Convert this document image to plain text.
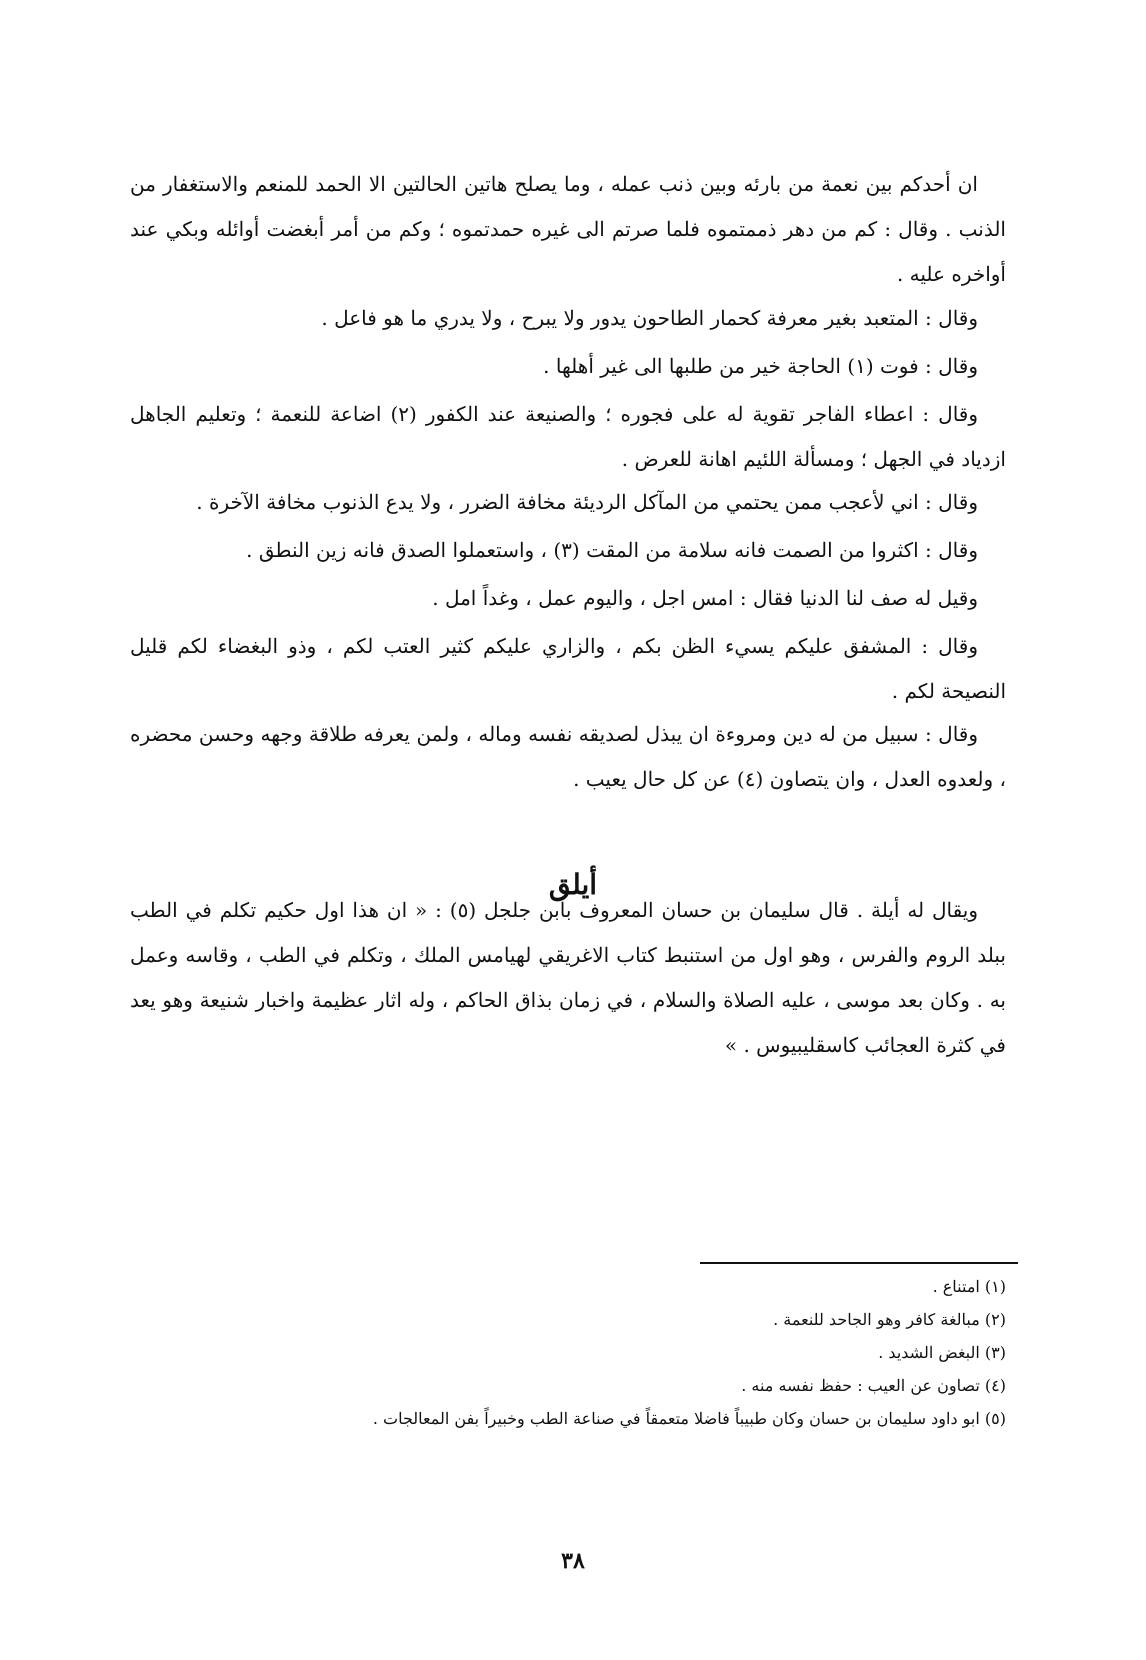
ان أحدكم بين نعمة من بارئه وبين ذنب عمله ، وما يصلح هاتين الحالتين الا الحمد للمنعم والاستغفار من الذنب . وقال : كم من دهر ذممتموه فلما صرتم الى غيره حمدتموه ؛ وكم من أمر أبغضت أوائله وبكي عند أواخره عليه .

وقال : المتعبد بغير معرفة كحمار الطاحون يدور ولا يبرح ، ولا يدري ما هو فاعل .

وقال : فوت (١) الحاجة خير من طلبها الى غير أهلها .

وقال : اعطاء الفاجر تقوية له على فجوره ؛ والصنيعة عند الكفور (٢) اضاعة للنعمة ؛ وتعليم الجاهل ازدياد في الجهل ؛ ومسألة اللئيم اهانة للعرض .

وقال : اني لأعجب ممن يحتمي من المآكل الرديئة مخافة الضرر ، ولا يدع الذنوب مخافة الآخرة .

وقال : اكثروا من الصمت فانه سلامة من المقت (٣) ، واستعملوا الصدق فانه زين النطق .

وقيل له صف لنا الدنيا فقال : امس اجل ، واليوم عمل ، وغداً امل .

وقال : المشفق عليكم يسيء الظن بكم ، والزاري عليكم كثير العتب لكم ، وذو البغضاء لكم قليل النصيحة لكم .

وقال : سبيل من له دين ومروءة ان يبذل لصديقه نفسه وماله ، ولمن يعرفه طلاقة وجهه وحسن محضره ، ولعدوه العدل ، وان يتصاون (٤) عن كل حال يعيب .

أيلق

ويقال له أيلة . قال سليمان بن حسان المعروف بابن جلجل (٥) : « ان هذا اول حكيم تكلم في الطب ببلد الروم والفرس ، وهو اول من استنبط كتاب الاغريقي لهيامس الملك ، وتكلم في الطب ، وقاسه وعمل به . وكان بعد موسى ، عليه الصلاة والسلام ، في زمان بذاق الحاكم ، وله اثار عظيمة واخبار شنيعة وهو يعد في كثرة العجائب كاسقليبيوس . »

(١) امتناع .

(٢) مبالغة كافر وهو الجاحد للنعمة .

(٣) البغض الشديد .

(٤) تصاون عن العيب : حفظ نفسه منه .

(٥) ابو داود سليمان بن حسان وكان طبيباً فاضلا متعمقاً في صناعة الطب وخبيراً بفن المعالجات .

٣٨
